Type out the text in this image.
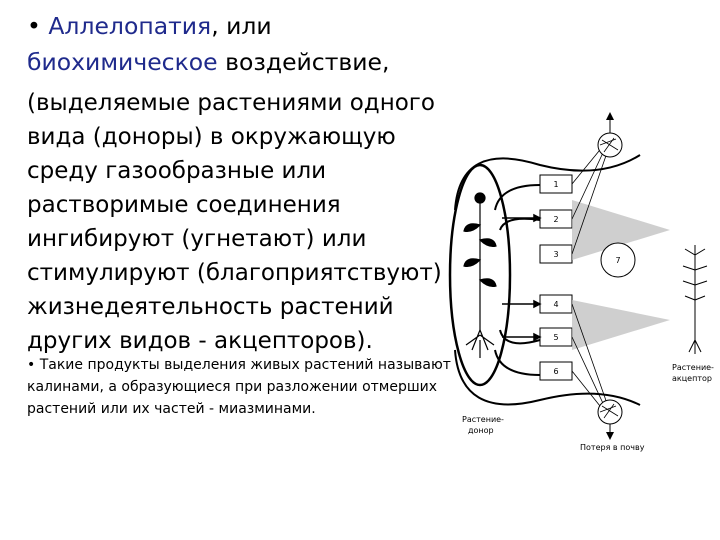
• Аллелопатия, или
биохимическое воздействие,
(выделяемые растениями одного вида (доноры) в окружающую среду газообразные или растворимые соединения ингибируют (угнетают) или стимулируют (благоприятствуют) жизнедеятельность растений других видов - акцепторов).
• Такие продукты выделения живых растений называют калинами, а образующиеся при разложении отмерших растений или их частей - миазминами.
1
2
3
4
5
6
7
Растение-
донор
Растение-
акцептор
Потеря в почву
